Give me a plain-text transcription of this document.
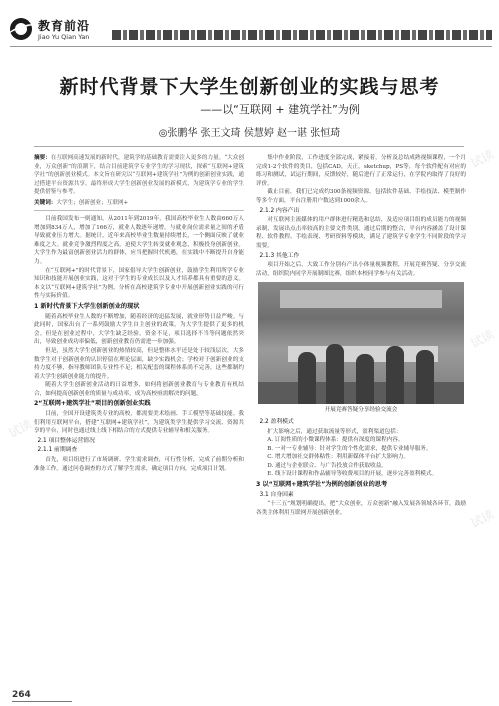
教育前沿
Jiao Yu Qian Yan
新时代背景下大学生创新创业的实践与思考
——以“互联网 + 建筑学社”为例
◎张鹏华 张王文琦 侯慧婷 赵一谌 张恒琦
试读
试读
试读
试读

摘要：在互联网高速发展的新时代，建筑学的基础教育需要注入更多的力量。“大众创业，万众创新”的浪潮下，结合目前建筑学专业学生的学习现状，探索“互联网+建筑学社”的创新创业模式。本文旨在研究以“互联网+建筑学社”为例的创新创业实践，通过搭建平台资源共享，最终形成大学生创新创业发展的新模式，为建筑学专业的学生提供借鉴与参考。

关键词：大学生；创新创业；互联网+

目前我国发布一则通知，从2011年到2019年，我国高校毕业生人数由660万人增加到834万人，增加了166万，就业人数逐年递增，与就业岗位需求量之间的矛盾导致就业压力增大。据统计，近年来高校毕业生数量持续增长，一个侧面反映了就业难度之大。就业竞争激烈程度之高，迫使大学生转变就业观念，积极投身创新创业。大学生作为最富创新创业活力的群体，应当把握时代机遇，在实践中不断提升自身能力。

在“互联网+”的时代背景下，国家倡导大学生创新创业，鼓励学生利用所学专业知识和技能开展创业实践，这对于学生的专业成长以及人才培养都具有重要的意义。本文以“互联网+建筑学社”为例，分析在高校建筑学专业中开展创新创业实践的可行性与实际价值。

1 新时代背景下大学生创新创业的现状

随着高校毕业生人数的不断增加，随着经济的迅猛发展，就业形势日益严峻。与此同时，国家出台了一系列鼓励大学生自主创业的政策，为大学生提供了更多的机会。但是在创业过程中，大学生缺乏经验，资金不足，项目选择不当等问题依然突出，导致创业成功率偏低，创新创业教育仍需进一步加强。

但是，虽然大学生创新创业的热情较高，但是整体水平还是处于较浅层次，大多数学生对于创新创业的认识停留在理论层面，缺少实践机会；学校对于创新创业的支持力度不够，指导教师团队专业性不足；相关配套的课程体系尚不完善，这些都制约着大学生创新创业能力的提升。

随着大学生创新创业活动的日益增多，如何将创新创业教育与专业教育有机结合，如何提高创新创业的质量与成功率，成为高校亟需解决的问题。

2“互联网+建筑学社”项目的创新创业实践

目前，全国开设建筑类专业的高校，都需要美术绘画、手工模型等基础技能。我们利用互联网平台，搭建“互联网+建筑学社”，为建筑类学生提供学习交流、资源共享的平台，同时也通过线上线下相结合的方式提供专业辅导和相关服务。

2.1 项目整体运营情况
2.1.1 前期调查

首先，项目组进行了市场调研、学生需求调查，可行性分析，完成了前期分析和准备工作。通过问卷调查的方式了解学生需求，确定项目方向，完成项目计划。

集中作业阶段，工作进度全部完成，紧接着，分析及总结成熟视频课程，一个月完成1-2个软件的类目，包括CAD，天正，sketchup，PS等，每个软件配有对应的练习和测试，试运行期间，反馈较好，随后进行了正常运行，在学院内取得了良好的评价。

截止目前，我们已完成约300条视频资源，包括软件基础、手绘技法、模型制作等多个方面，平台注册用户数达到1000余人。

2.1.2 内容产出

对互联网主流媒体的用户群体进行精选和总结，及适应项目组的成员能力的视频录制，发展出点击率较高的主要文件类别。通过后期的整合，平台内容涵盖了设计课程、软件教程、手绘表现、考研资料等模块，满足了建筑学专业学生不同阶段的学习需要。

2.1.3 其他工作

项目开始之后，大致工作分别有产出小体量视频教程，开展竞赛答疑、分享交流活动，组织院内同学开展制图比赛，组织本校同学参与有关活动。

开展竞赛答疑分享经验交流会
2.2 盈利模式

扩大影响之后，通过获取流量等形式，盈利渠道包括：

A. 订阅性质的小微课程体系：提供有深度的课程内容。

B. 一对一专业辅导：针对学生的个性化需求，提供专业辅导服务。

C. 增大增加社交群体粘性：利用新媒体平台扩大影响力。

D. 通过与企业联合、与广告投放合作获取收益。

E. 线下设计课程和作品辅导等收费项目的开展，逐步完善盈利模式。

3 以“互联网+建筑学社”为例的创新创业的思考
3.1 自身因素

“十三五”规划明确提出，把“大众创业，万众创新”融入发展各领域各环节，鼓励各类主体利用互联网开展创新创业。

264
